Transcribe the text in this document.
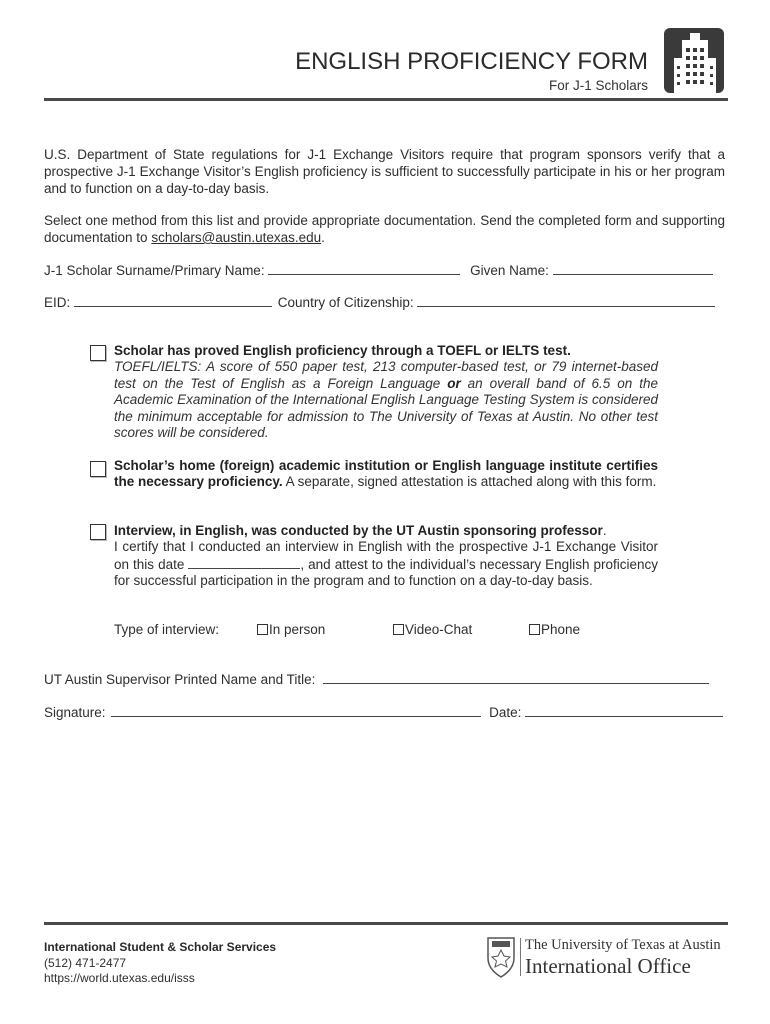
ENGLISH PROFICIENCY FORM
For J-1 Scholars
U.S. Department of State regulations for J-1 Exchange Visitors require that program sponsors verify that a prospective J-1 Exchange Visitor’s English proficiency is sufficient to successfully participate in his or her program and to function on a day-to-day basis.
Select one method from this list and provide appropriate documentation. Send the completed form and supporting documentation to scholars@austin.utexas.edu.
J-1 Scholar Surname/Primary Name:	Given Name:
EID:	Country of Citizenship:
Scholar has proved English proficiency through a TOEFL or IELTS test.
TOEFL/IELTS: A score of 550 paper test, 213 computer-based test, or 79 internet-based test on the Test of English as a Foreign Language or an overall band of 6.5 on the Academic Examination of the International English Language Testing System is considered the minimum acceptable for admission to The University of Texas at Austin. No other test scores will be considered.
Scholar’s home (foreign) academic institution or English language institute certifies the necessary proficiency. A separate, signed attestation is attached along with this form.
Interview, in English, was conducted by the UT Austin sponsoring professor.
I certify that I conducted an interview in English with the prospective J-1 Exchange Visitor on this date	, and attest to the individual’s necessary English proficiency for successful participation in the program and to function on a day-to-day basis.
Type of interview:	In person	Video-Chat	Phone
UT Austin Supervisor Printed Name and Title:
Signature:	Date:
International Student & Scholar Services
(512) 471-2477
https://world.utexas.edu/isss
The University of Texas at Austin
International Office
